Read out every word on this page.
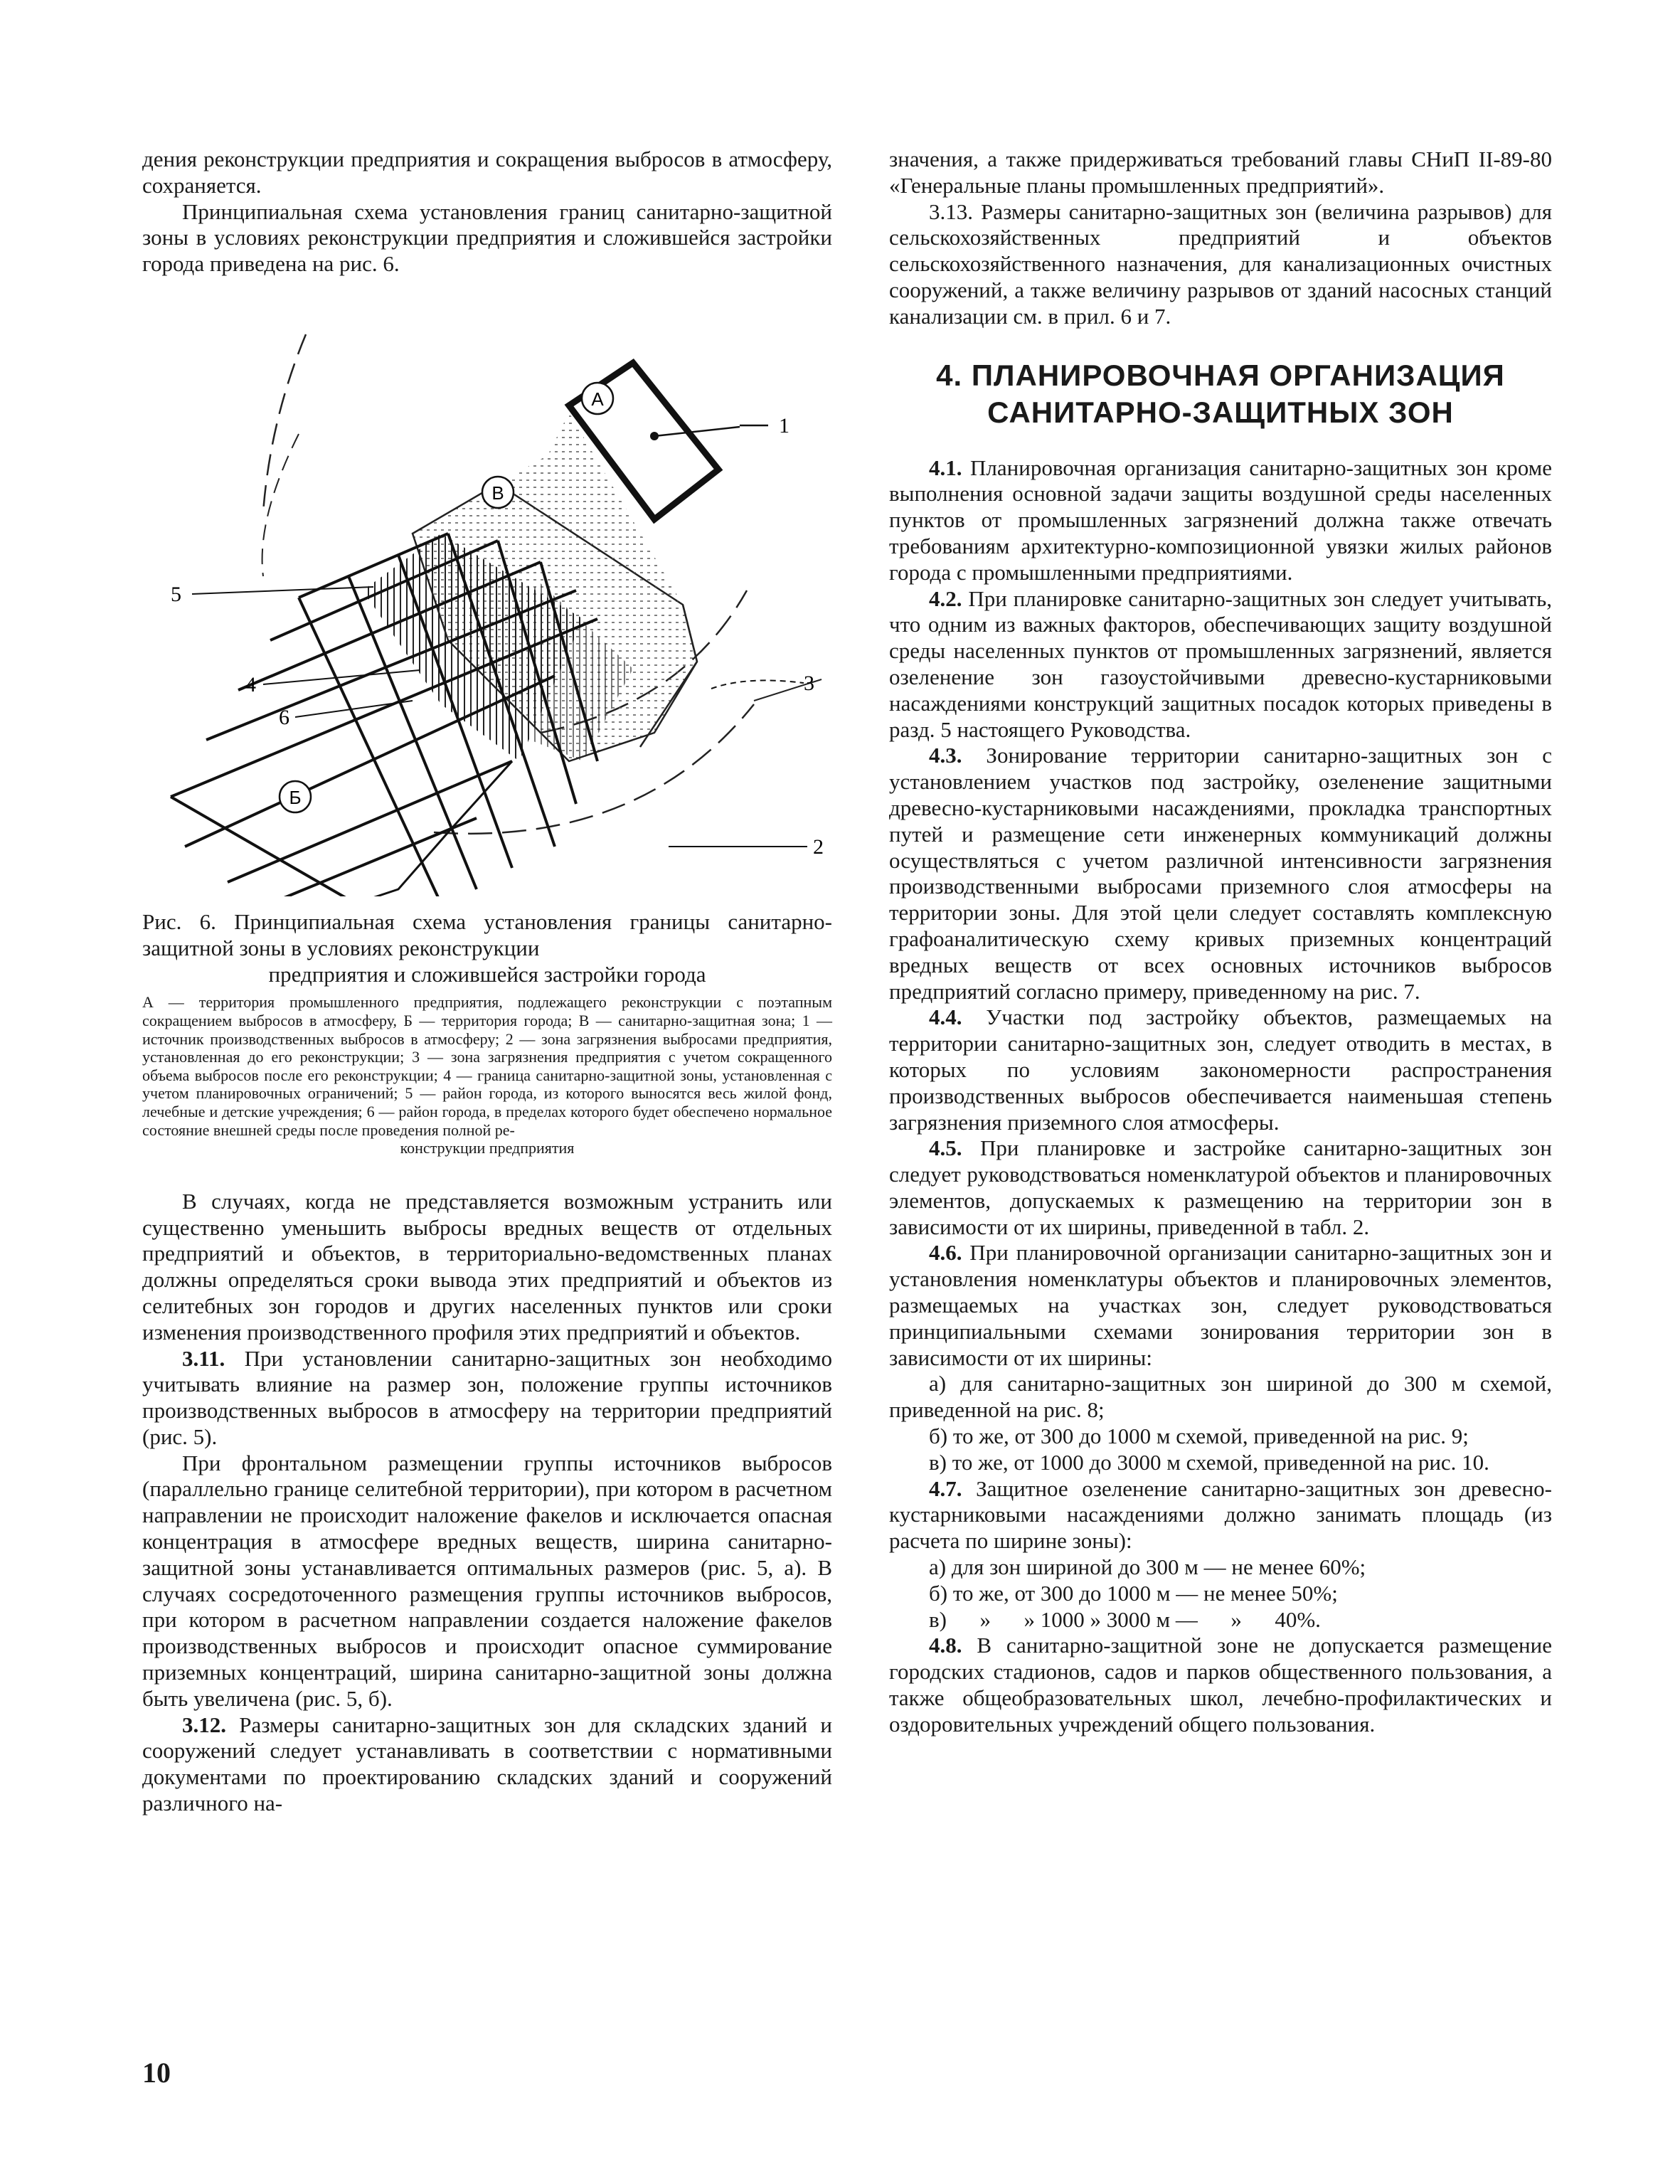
дения реконструкции предприятия и сокращения выбросов в атмосферу, сохраняется.

Принципиальная схема установления границ санитарно-защитной зоны в условиях реконструкции предприятия и сложившейся застройки города приведена на рис. 6.

А
1
В
5
4
6
Б
3
2

Рис. 6. Принципиальная схема установления границы санитарно-защитной зоны в условиях реконструкции
предприятия и сложившейся застройки города

А — территория промышленного предприятия, подлежащего реконструкции с поэтапным сокращением выбросов в атмосферу, Б — территория города; В — санитарно-защитная зона; 1 — источник производственных выбросов в атмосферу; 2 — зона загрязнения выбросами предприятия, установленная до его реконструкции; 3 — зона загрязнения предприятия с учетом сокращенного объема выбросов после его реконструкции; 4 — граница санитарно-защитной зоны, установленная с учетом планировочных ограничений; 5 — район города, из которого выносятся весь жилой фонд, лечебные и детские учреждения; 6 — район города, в пределах которого будет обеспечено нормальное состояние внешней среды после проведения полной ре-
конструкции предприятия

В случаях, когда не представляется возможным устранить или существенно уменьшить выбросы вредных веществ от отдельных предприятий и объектов, в территориально-ведомственных планах должны определяться сроки вывода этих предприятий и объектов из селитебных зон городов и других населенных пунктов или сроки изменения производственного профиля этих предприятий и объектов.

3.11. При установлении санитарно-защитных зон необходимо учитывать влияние на размер зон, положение группы источников производственных выбросов в атмосферу на территории предприятий (рис. 5).

При фронтальном размещении группы источников выбросов (параллельно границе селитебной территории), при котором в расчетном направлении не происходит наложение факелов и исключается опасная концентрация в атмосфере вредных веществ, ширина санитарно-защитной зоны устанавливается оптимальных размеров (рис. 5, а). В случаях сосредоточенного размещения группы источников выбросов, при котором в расчетном направлении создается наложение факелов производственных выбросов и происходит опасное суммирование приземных концентраций, ширина санитарно-защитной зоны должна быть увеличена (рис. 5, б).

3.12. Размеры санитарно-защитных зон для складских зданий и сооружений следует устанавливать в соответствии с нормативными документами по проектированию складских зданий и сооружений различного на-

значения, а также придерживаться требований главы СНиП II-89-80 «Генеральные планы промышленных предприятий».

3.13. Размеры санитарно-защитных зон (величина разрывов) для сельскохозяйственных предприятий и объектов сельскохозяйственного назначения, для канализационных очистных сооружений, а также величину разрывов от зданий насосных станций канализации см. в прил. 6 и 7.

4. ПЛАНИРОВОЧНАЯ ОРГАНИЗАЦИЯ
САНИТАРНО-ЗАЩИТНЫХ ЗОН

4.1. Планировочная организация санитарно-защитных зон кроме выполнения основной задачи защиты воздушной среды населенных пунктов от промышленных загрязнений должна также отвечать требованиям архитектурно-композиционной увязки жилых районов города с промышленными предприятиями.

4.2. При планировке санитарно-защитных зон следует учитывать, что одним из важных факторов, обеспечивающих защиту воздушной среды населенных пунктов от промышленных загрязнений, является озеленение зон газоустойчивыми древесно-кустарниковыми насаждениями конструкций защитных посадок которых приведены в разд. 5 настоящего Руководства.

4.3. Зонирование территории санитарно-защитных зон с установлением участков под застройку, озеленение защитными древесно-кустарниковыми насаждениями, прокладка транспортных путей и размещение сети инженерных коммуникаций должны осуществляться с учетом различной интенсивности загрязнения производственными выбросами приземного слоя атмосферы на территории зоны. Для этой цели следует составлять комплексную графоаналитическую схему кривых приземных концентраций вредных веществ от всех основных источников выбросов предприятий согласно примеру, приведенному на рис. 7.

4.4. Участки под застройку объектов, размещаемых на территории санитарно-защитных зон, следует отводить в местах, в которых по условиям закономерности распространения производственных выбросов обеспечивается наименьшая степень загрязнения приземного слоя атмосферы.

4.5. При планировке и застройке санитарно-защитных зон следует руководствоваться номенклатурой объектов и планировочных элементов, допускаемых к размещению на территории зон в зависимости от их ширины, приведенной в табл. 2.

4.6. При планировочной организации санитарно-защитных зон и установления номенклатуры объектов и планировочных элементов, размещаемых на участках зон, следует руководствоваться принципиальными схемами зонирования территории зон в зависимости от их ширины:

а) для санитарно-защитных зон шириной до 300 м схемой, приведенной на рис. 8;

б) то же, от 300 до 1000 м схемой, приведенной на рис. 9;

в) то же, от 1000 до 3000 м схемой, приведенной на рис. 10.

4.7. Защитное озеленение санитарно-защитных зон древесно-кустарниковыми насаждениями должно занимать площадь (из расчета по ширине зоны):

а) для зон шириной до 300 м — не менее 60%;

б) то же, от 300 до 1000 м — не менее 50%;

в)      »      » 1000 » 3000 м —      »      40%.

4.8. В санитарно-защитной зоне не допускается размещение городских стадионов, садов и парков общественного пользования, а также общеобразовательных школ, лечебно-профилактических и оздоровительных учреждений общего пользования.

10
